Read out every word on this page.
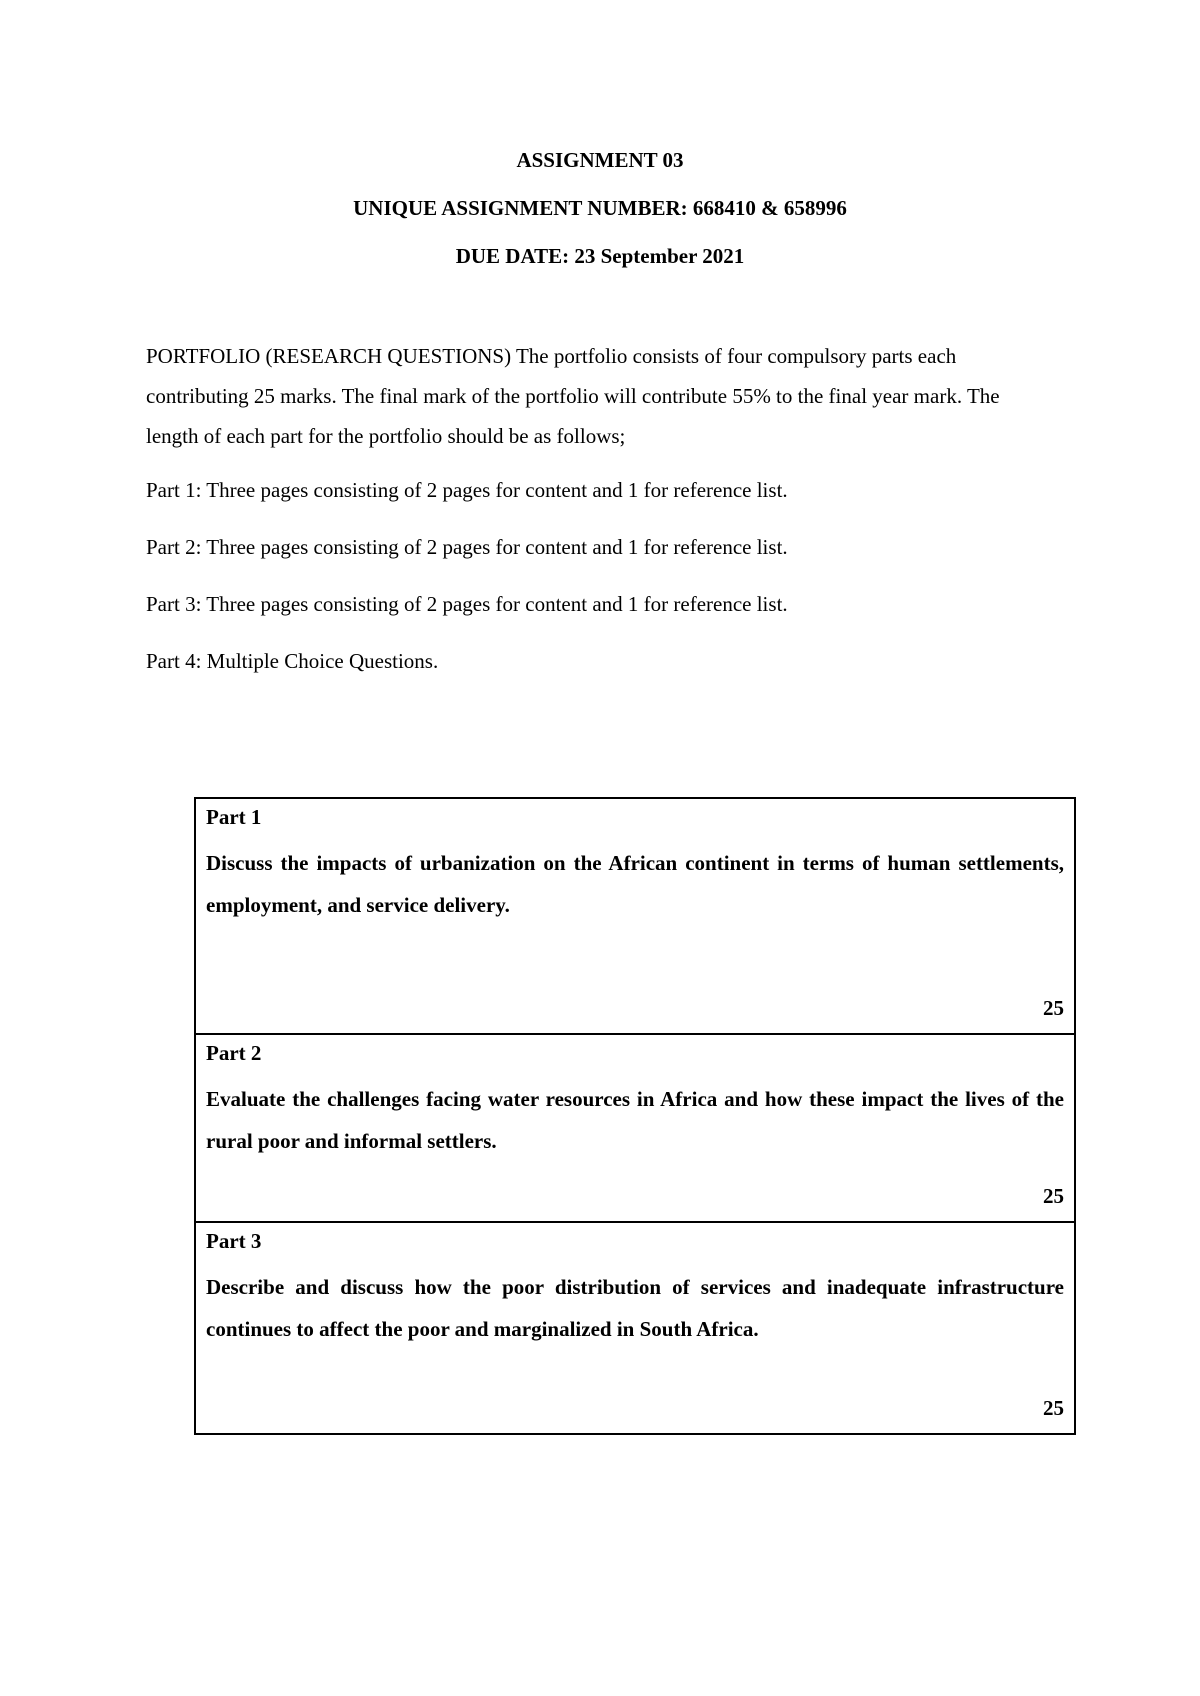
ASSIGNMENT 03
UNIQUE ASSIGNMENT NUMBER: 668410 & 658996
DUE DATE: 23 September 2021
PORTFOLIO (RESEARCH QUESTIONS) The portfolio consists of four compulsory parts each contributing 25 marks. The final mark of the portfolio will contribute 55% to the final year mark. The length of each part for the portfolio should be as follows;
Part 1: Three pages consisting of 2 pages for content and 1 for reference list.
Part 2: Three pages consisting of 2 pages for content and 1 for reference list.
Part 3: Three pages consisting of 2 pages for content and 1 for reference list.
Part 4: Multiple Choice Questions.
Part 1
Discuss the impacts of urbanization on the African continent in terms of human settlements, employment, and service delivery.
25
Part 2
Evaluate the challenges facing water resources in Africa and how these impact the lives of the rural poor and informal settlers.
25
Part 3
Describe and discuss how the poor distribution of services and inadequate infrastructure continues to affect the poor and marginalized in South Africa.
25
